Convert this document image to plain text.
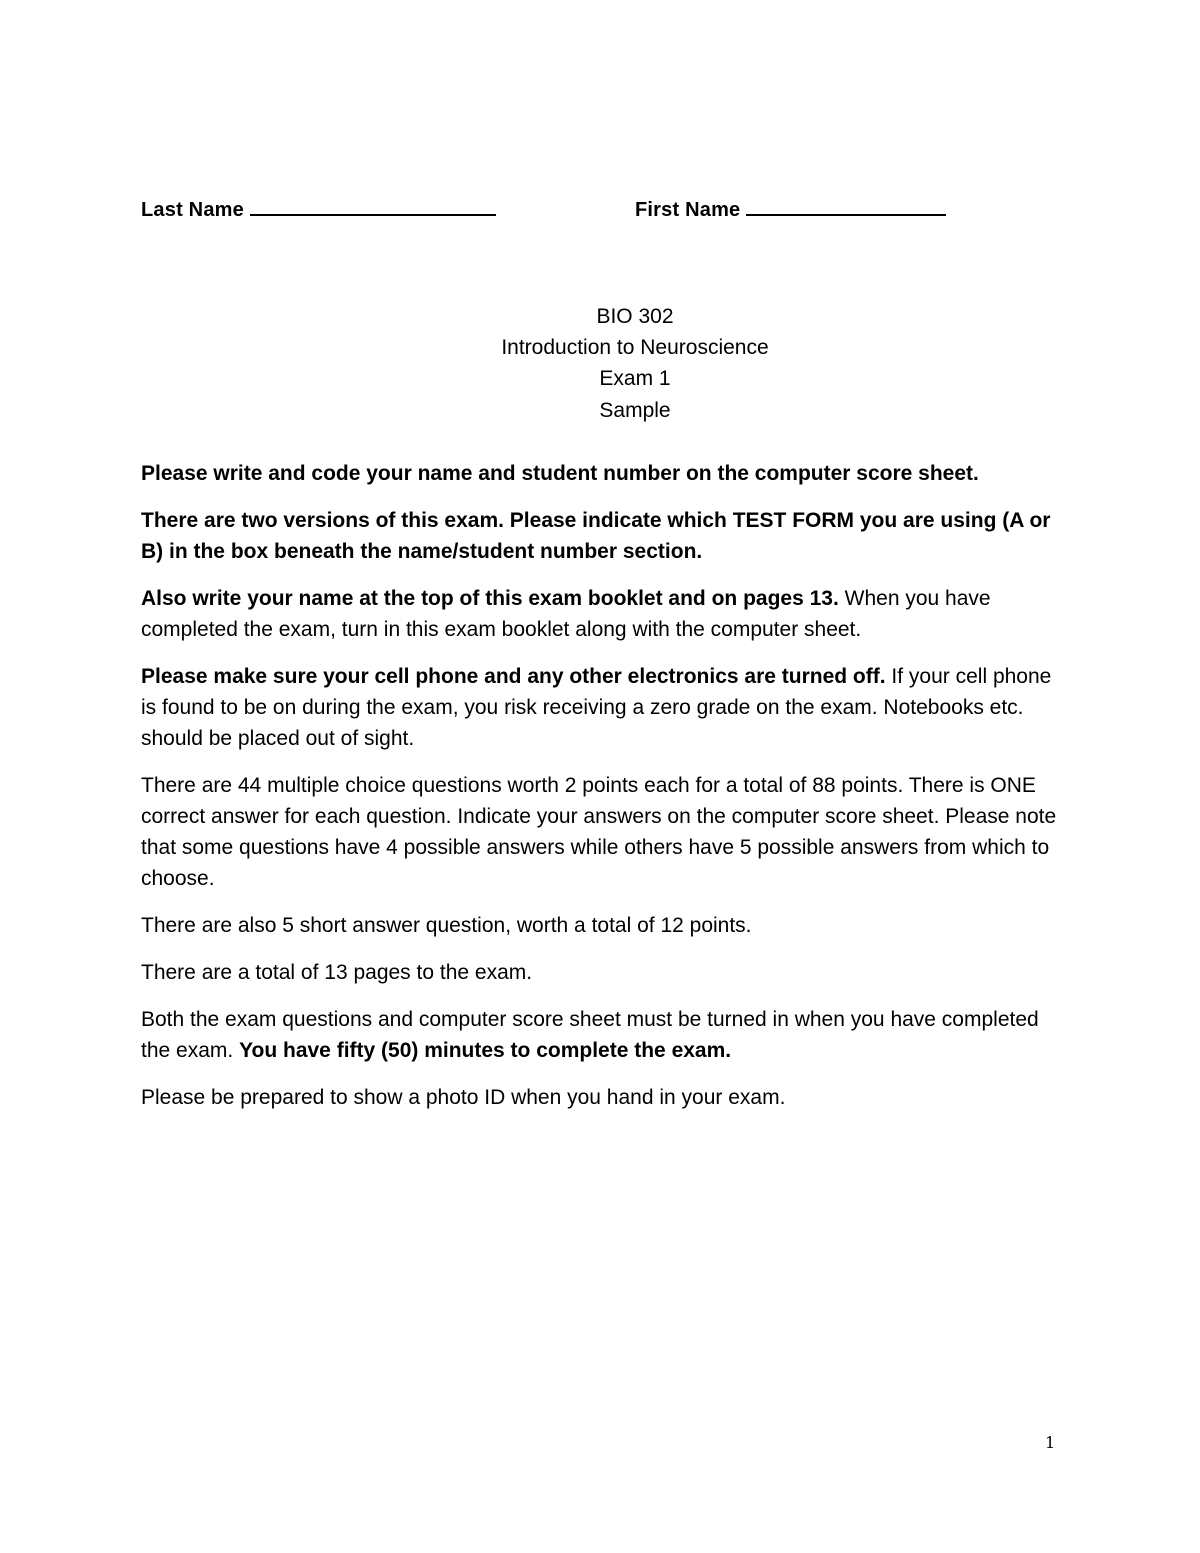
Last Name	First Name
BIO 302
Introduction to Neuroscience
Exam 1
Sample

Please write and code your name and student number on the computer score sheet.

There are two versions of this exam. Please indicate which TEST FORM you are using (A or B) in the box beneath the name/student number section.

Also write your name at the top of this exam booklet and on pages 13. When you have completed the exam, turn in this exam booklet along with the computer sheet.

Please make sure your cell phone and any other electronics are turned off. If your cell phone is found to be on during the exam, you risk receiving a zero grade on the exam. Notebooks etc. should be placed out of sight.

There are 44 multiple choice questions worth 2 points each for a total of 88 points. There is ONE correct answer for each question. Indicate your answers on the computer score sheet. Please note that some questions have 4 possible answers while others have 5 possible answers from which to choose.

There are also 5 short answer question, worth a total of 12 points.

There are a total of 13 pages to the exam.

Both the exam questions and computer score sheet must be turned in when you have completed the exam. You have fifty (50) minutes to complete the exam.

Please be prepared to show a photo ID when you hand in your exam.

1
